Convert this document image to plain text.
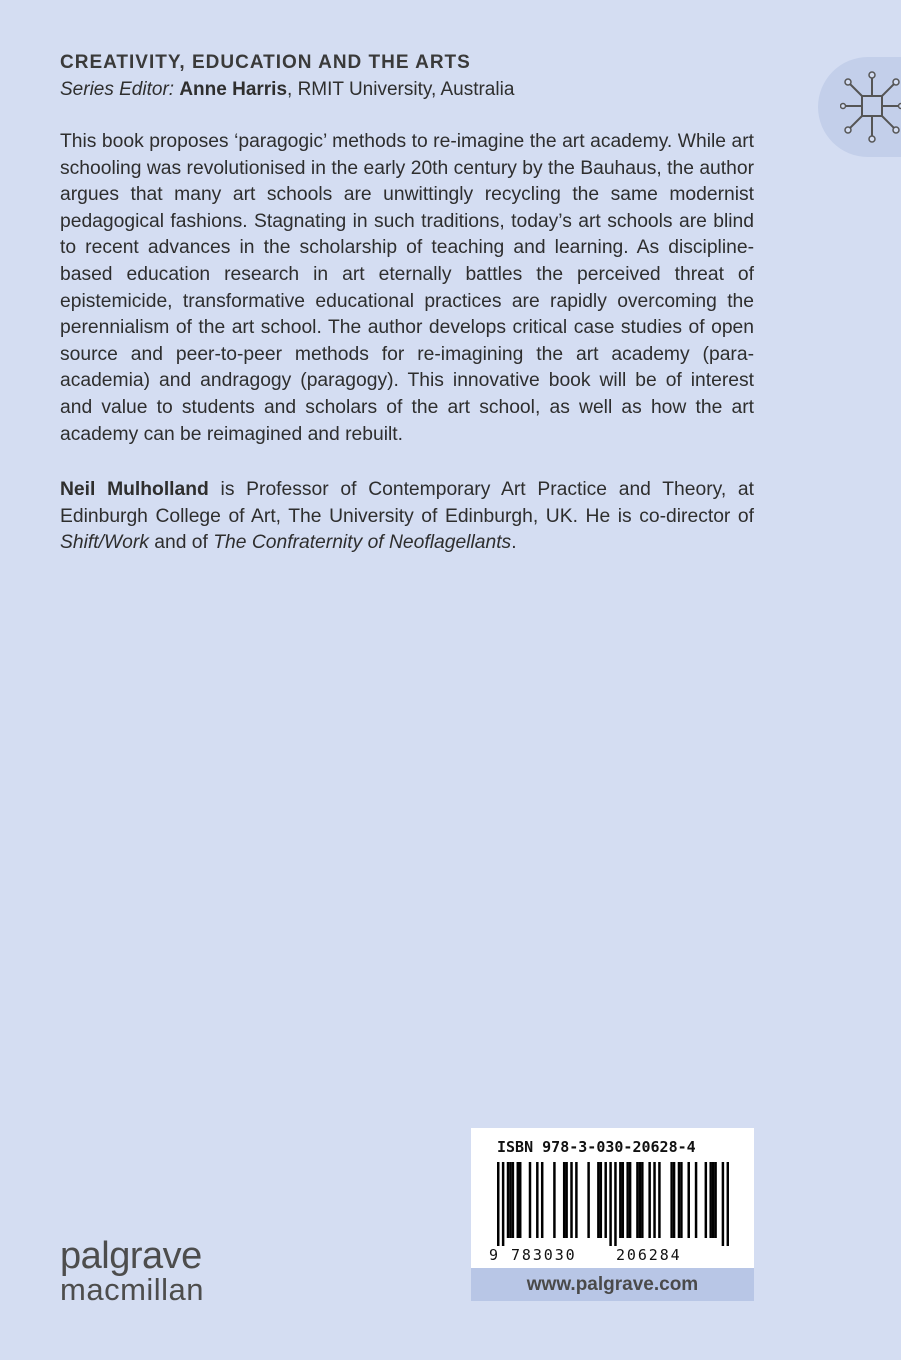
CREATIVITY, EDUCATION AND THE ARTS
Series Editor: Anne Harris, RMIT University, Australia

This book proposes ‘paragogic’ methods to re-imagine the art academy. While art schooling was revolutionised in the early 20th century by the Bauhaus, the author argues that many art schools are unwittingly recycling the same modernist pedagogical fashions. Stagnating in such traditions, today’s art schools are blind to recent advances in the scholarship of teaching and learning. As discipline-based education research in art eternally battles the perceived threat of epistemicide, transformative educational practices are rapidly overcoming the perennialism of the art school. The author develops critical case studies of open source and peer-to-peer methods for re-imagining the art academy (para-academia) and andragogy (paragogy). This innovative book will be of interest and value to students and scholars of the art school, as well as how the art academy can be reimagined and rebuilt.

Neil Mulholland is Professor of Contemporary Art Practice and Theory, at Edinburgh College of Art, The University of Edinburgh, UK. He is co-director of Shift/Work and of The Confraternity of Neoflagellants.

palgrave
macmillan
ISBN 978-3-030-20628-4
9 783030	206284
www.palgrave.com
